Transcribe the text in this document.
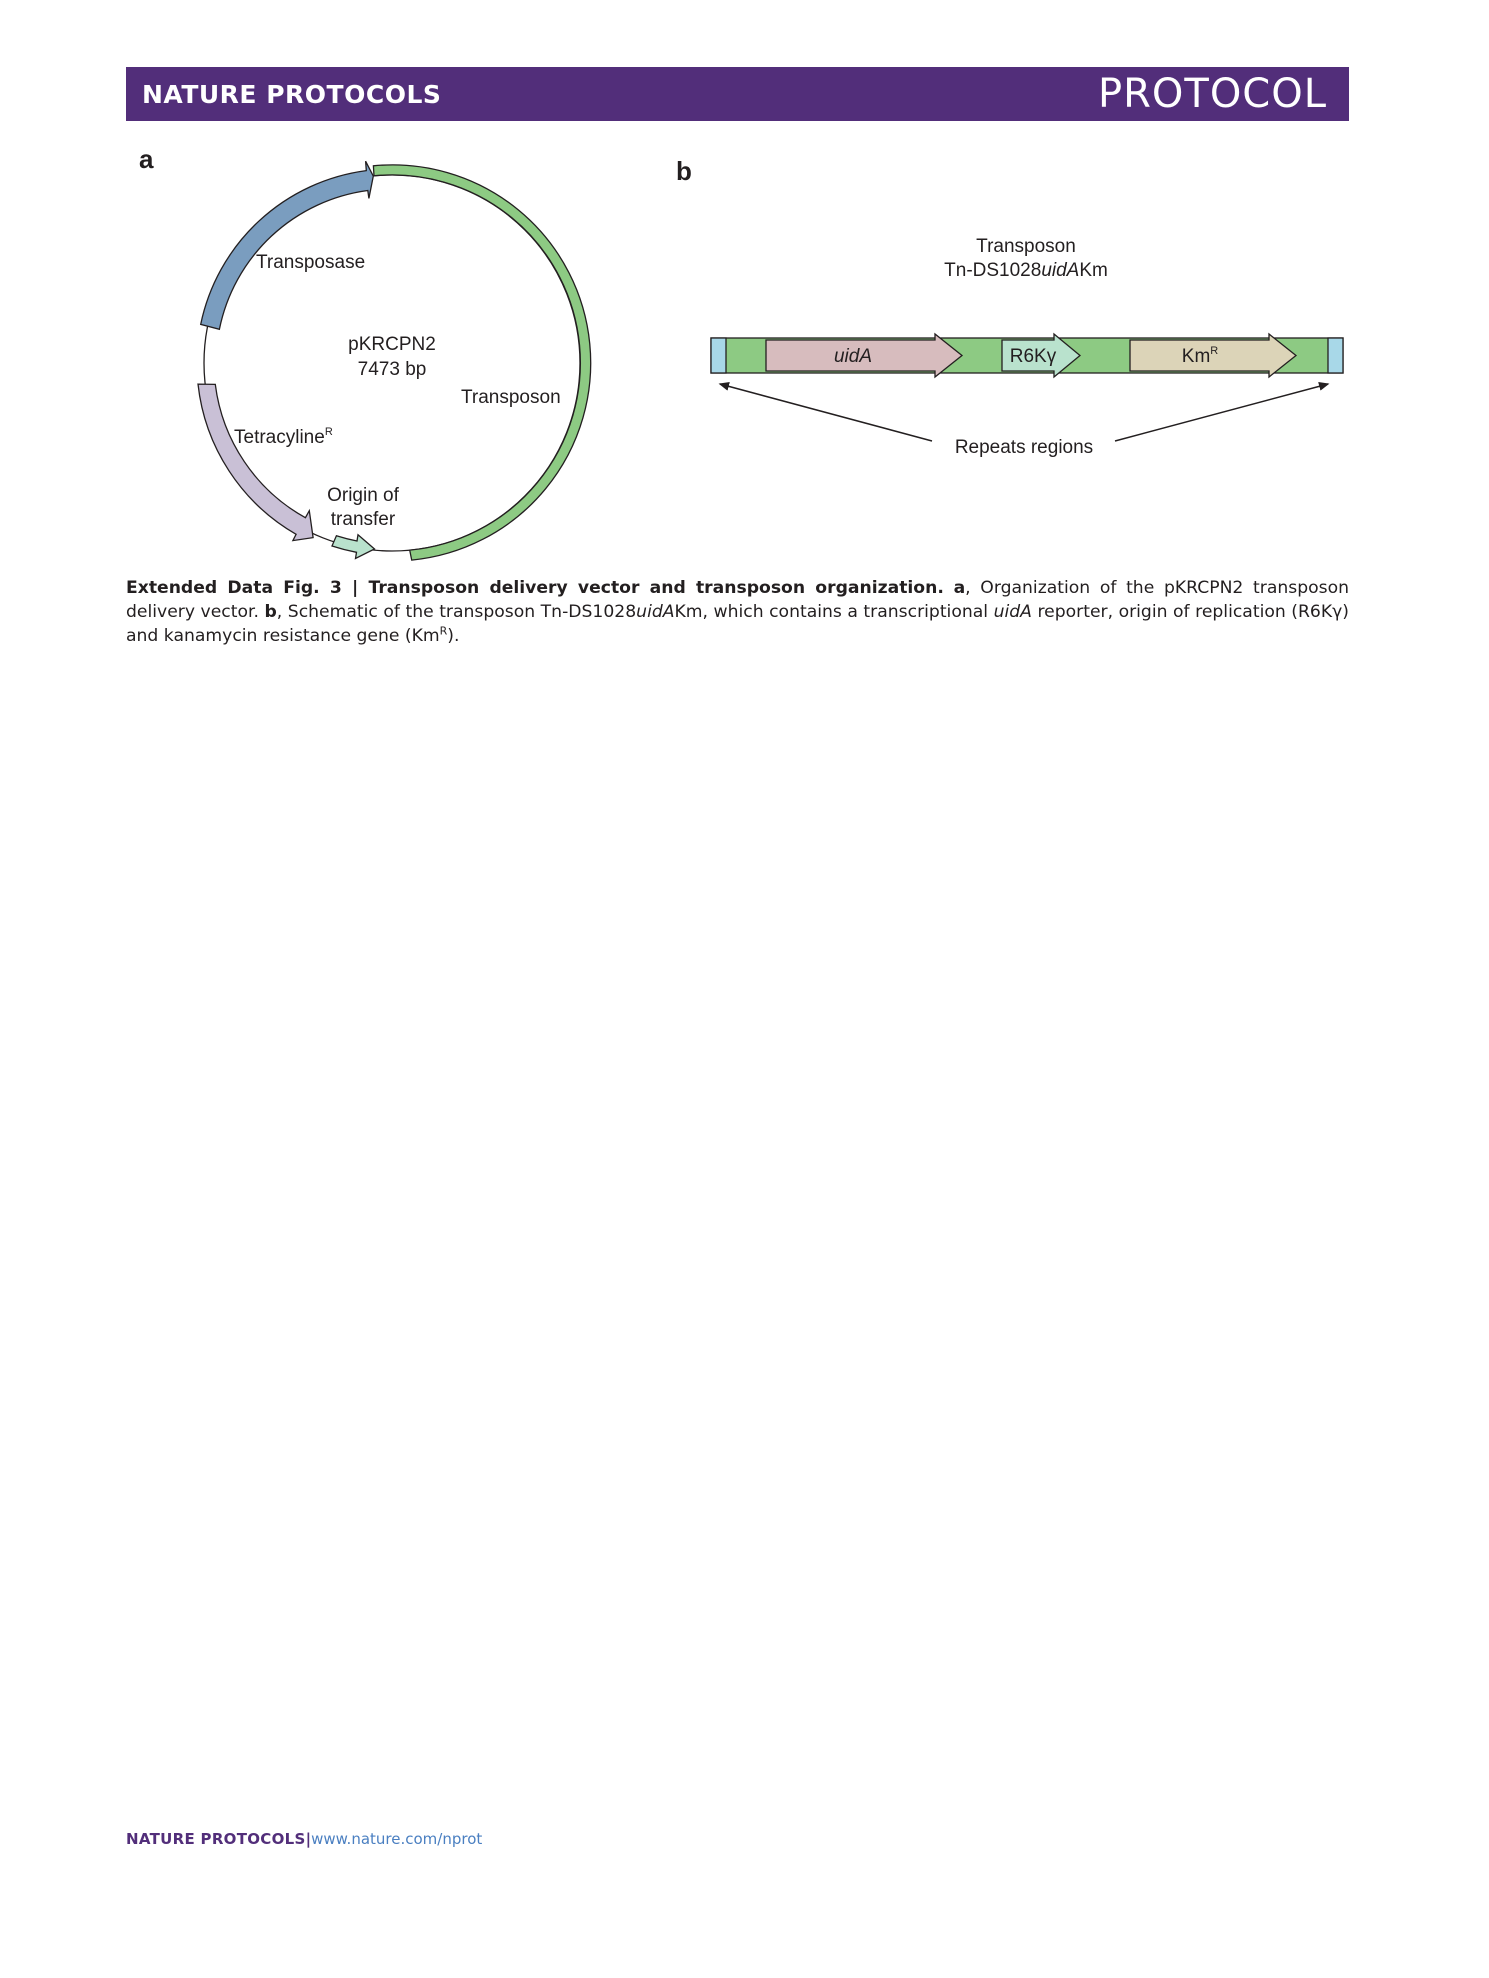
NATURE PROTOCOLS	PROTOCOL
a
Transposase
pKRCPN2
7473 bp
Transposon
Tetracyline$^R$
Origin of
transfer
b
Transposon
Tn-DS1028uidAKm
uidA	R6Kγ	$Km^R$
Repeats regions
Extended Data Fig. 3 | Transposon delivery vector and transposon organization. a, Organization of the pKRCPN2 transposon delivery vector. b, Schematic of the transposon Tn-DS1028uidAKm, which contains a transcriptional uidA reporter, origin of replication (R6Kγ) and kanamycin resistance gene $(Km^R)$.
NATURE PROTOCOLS|www.nature.com/nprot
